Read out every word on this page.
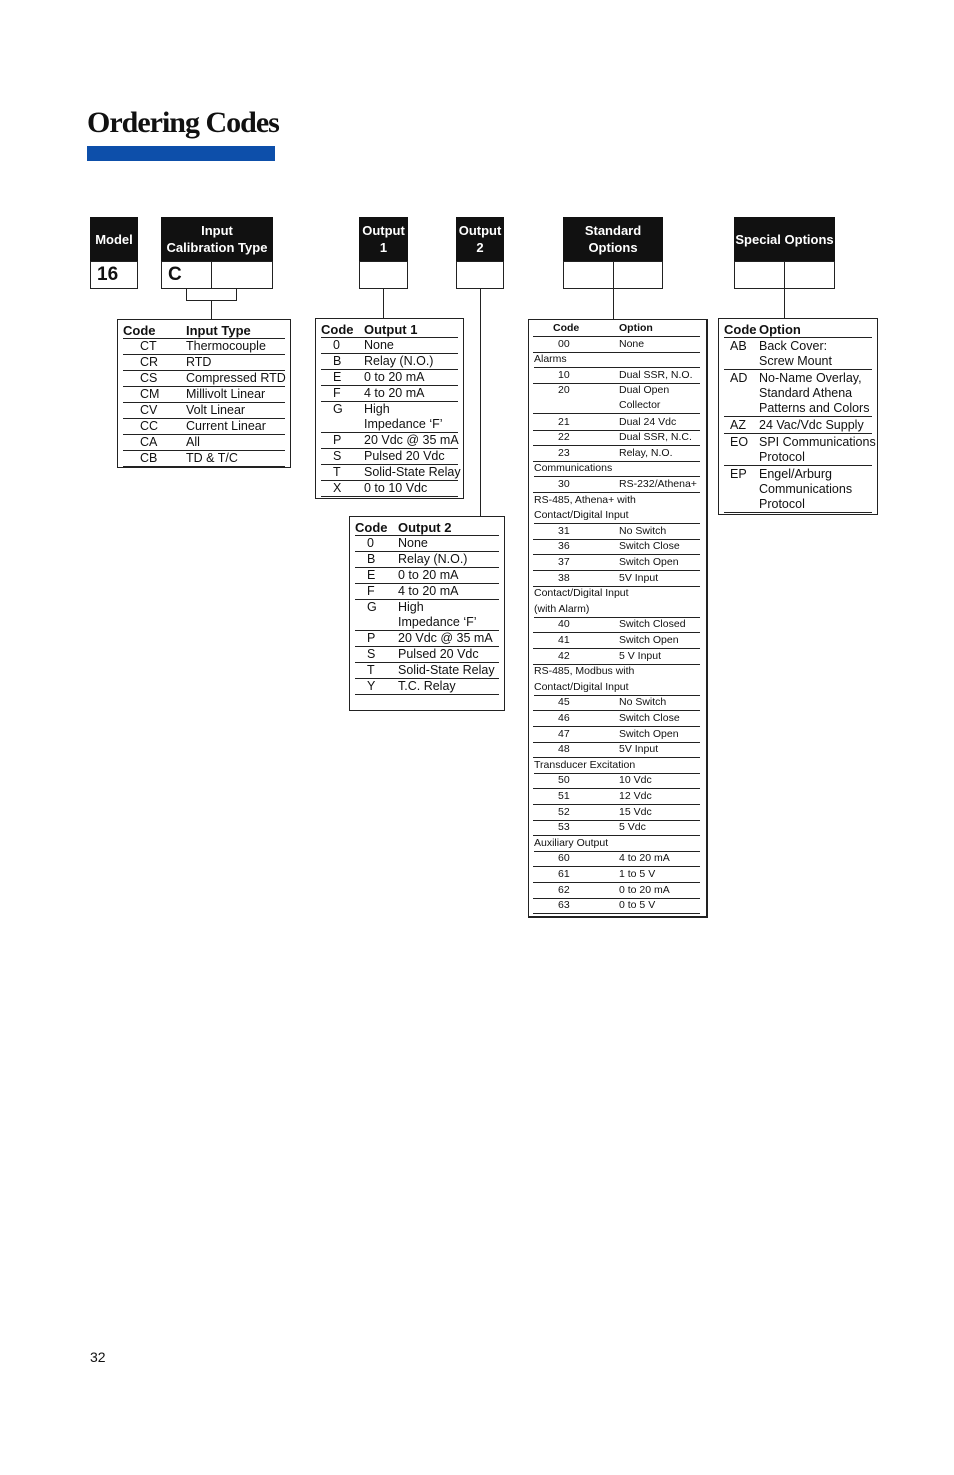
Ordering Codes
Model
Input
Calibration Type
Output
1
Output
2
Standard
Options
Special Options
16	C
Code	Input Type
CT	Thermocouple
CR	RTD
CS	Compressed RTD
CM	Millivolt Linear
CV	Volt Linear
CC	Current Linear
CA	All
CB	TD & T/C
Code Output 1
0	None
B	Relay (N.O.)
E	0 to 20 mA
F	4 to 20 mA
G	High
Impedance ‘F’
P	20 Vdc @ 35 mA
S	Pulsed 20 Vdc
T	Solid-State Relay
X	0 to 10 Vdc
Code Output 2
0	None
B	Relay (N.O.)
E	0 to 20 mA
F	4 to 20 mA
G	High
Impedance ‘F’
P	20 Vdc @ 35 mA
S	Pulsed 20 Vdc
T	Solid-State Relay
Y	T.C. Relay
Code	Option
00	None
Alarms
10	Dual SSR, N.O.
20	Dual Open
Collector
21	Dual 24 Vdc
22	Dual SSR, N.C.
23	Relay, N.O.
Communications
30	RS-232/Athena+
RS-485, Athena+ with
Contact/Digital Input
31	No Switch
36	Switch Close
37	Switch Open
38	5V Input
Contact/Digital Input
(with Alarm)
40	Switch Closed
41	Switch Open
42	5 V Input
RS-485, Modbus with
Contact/Digital Input
45	No Switch
46	Switch Close
47	Switch Open
48	5V Input
Transducer Excitation
50	10 Vdc
51	12 Vdc
52	15 Vdc
53	5 Vdc
Auxiliary Output
60	4 to 20 mA
61	1 to 5 V
62	0 to 20 mA
63	0 to 5 V
Code Option
AB Back Cover:
Screw Mount
AD No-Name Overlay,
Standard Athena
Patterns and Colors
AZ	24 Vac/Vdc Supply
EO SPI Communications
Protocol
EP Engel/Arburg
Communications
Protocol
32
